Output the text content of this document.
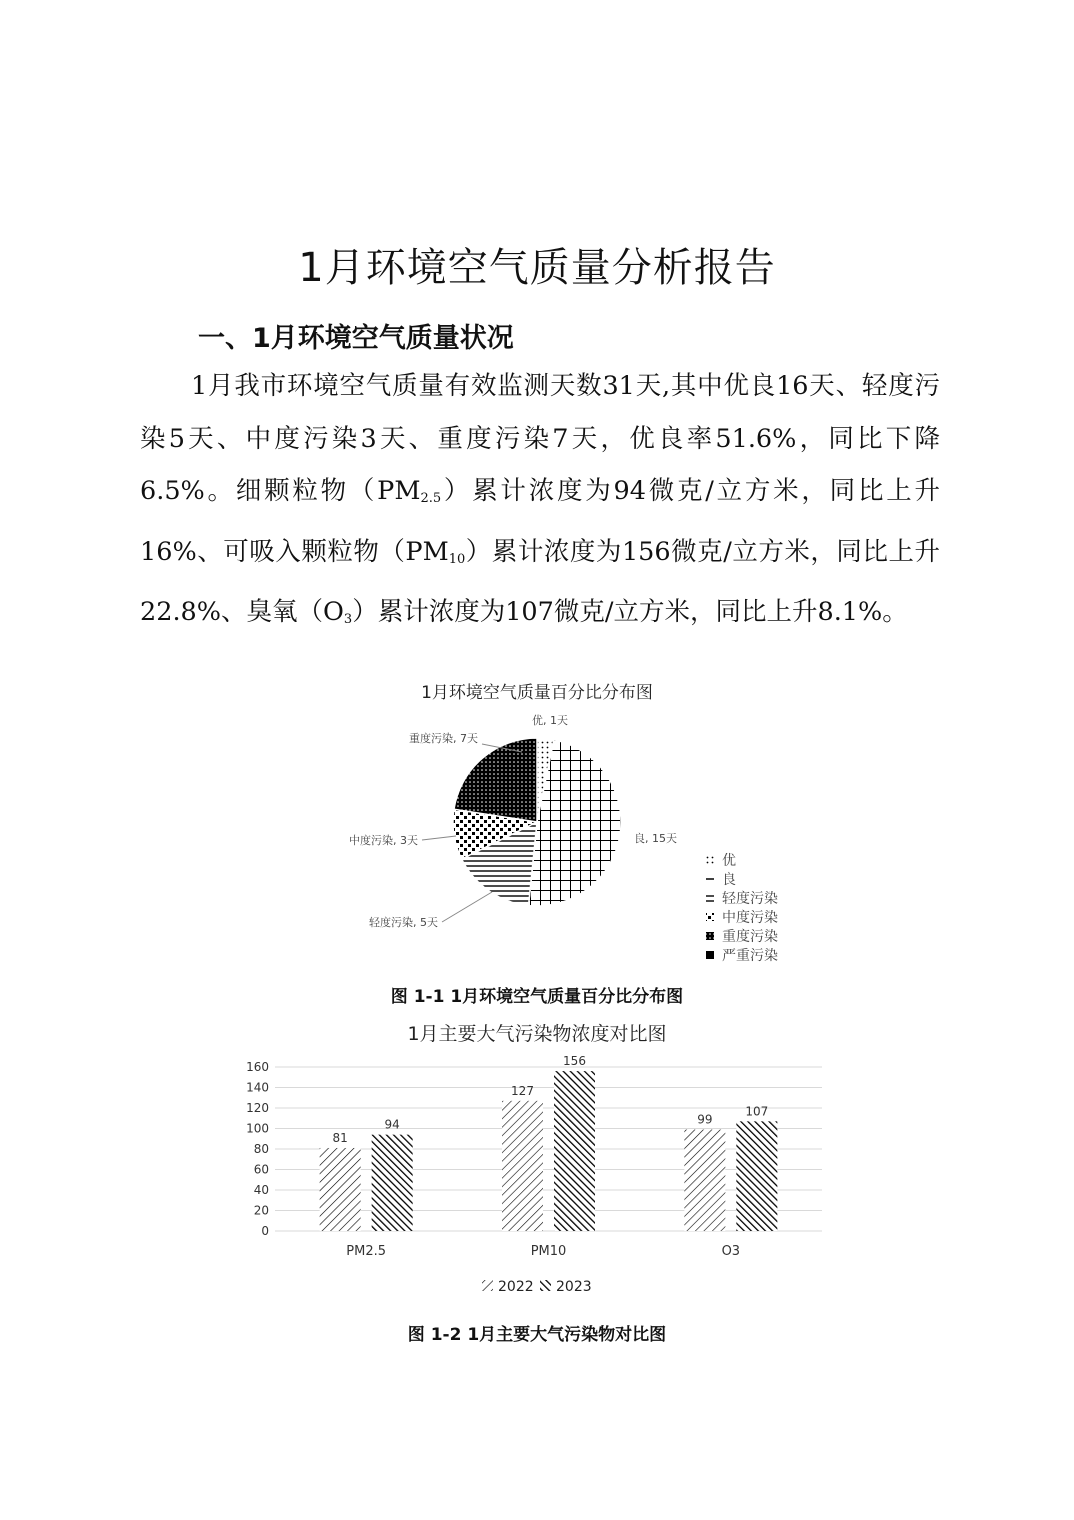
1月环境空气质量分析报告
一、1月环境空气质量状况
1月我市环境空气质量有效监测天数31天,其中优良16天、轻度污染5天、中度污染3天、重度污染7天，优良率51.6%，同比下降6.5%。细颗粒物$(PM_{2.5})$累计浓度为94微克/立方米，同比上升16%、可吸入颗粒物$(PM_{10})$累计浓度为156微克/立方米，同比上升22.8%、臭氧$(O_3)$累计浓度为107微克/立方米，同比上升8.1%。
1月环境空气质量百分比分布图
优, 1天
良, 15天
轻度污染, 5天
中度污染, 3天
重度污染, 7天
优
良
轻度污染
中度污染
重度污染
严重污染
图 1-1 1月环境空气质量百分比分布图
1月主要大气污染物浓度对比图
0
20
40
60
80
100
120
140
160
81
94
127
156
99
107
PM2.5	PM10	O3
2022 2023
图 1-2 1月主要大气污染物对比图
